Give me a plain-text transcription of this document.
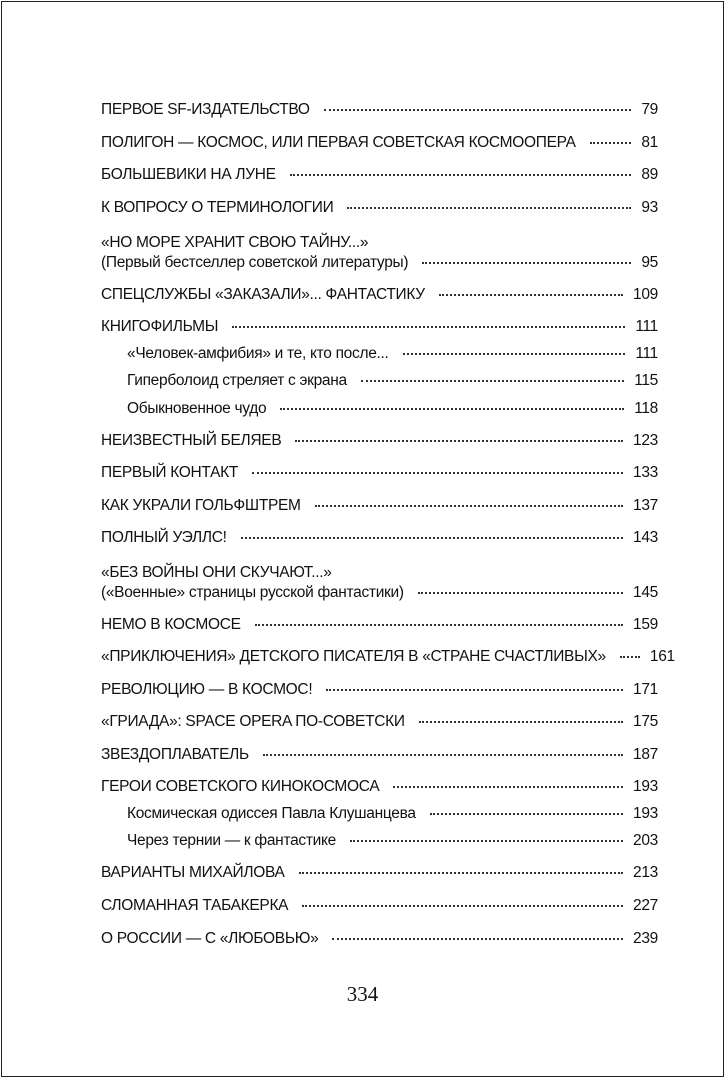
ПЕРВОЕ SF-ИЗДАТЕЛЬСТВО	79
ПОЛИГОН — КОСМОС, ИЛИ ПЕРВАЯ СОВЕТСКАЯ КОСМООПЕРА	81
БОЛЬШЕВИКИ НА ЛУНЕ	89
К ВОПРОСУ О ТЕРМИНОЛОГИИ	93
«НО МОРЕ ХРАНИТ СВОЮ ТАЙНУ...»
(Первый бестселлер советской литературы)	95
СПЕЦСЛУЖБЫ «ЗАКАЗАЛИ»... ФАНТАСТИКУ	109
КНИГОФИЛЬМЫ	111
«Человек-амфибия» и те, кто после...	111
Гиперболоид стреляет с экрана	115
Обыкновенное чудо	118
НЕИЗВЕСТНЫЙ БЕЛЯЕВ	123
ПЕРВЫЙ КОНТАКТ	133
КАК УКРАЛИ ГОЛЬФШТРЕМ	137
ПОЛНЫЙ УЭЛЛС!	143
«БЕЗ ВОЙНЫ ОНИ СКУЧАЮТ...»
(«Военные» страницы русской фантастики)	145
НЕМО В КОСМОСЕ	159
«ПРИКЛЮЧЕНИЯ» ДЕТСКОГО ПИСАТЕЛЯ В «СТРАНЕ СЧАСТЛИВЫХ»	161
РЕВОЛЮЦИЮ — В КОСМОС!	171
«ГРИАДА»: SPACE OPERA ПО-СОВЕТСКИ	175
ЗВЕЗДОПЛАВАТЕЛЬ	187
ГЕРОИ СОВЕТСКОГО КИНОКОСМОСА	193
Космическая одиссея Павла Клушанцева	193
Через тернии — к фантастике	203
ВАРИАНТЫ МИХАЙЛОВА	213
СЛОМАННАЯ ТАБАКЕРКА	227
О РОССИИ — С «ЛЮБОВЬЮ»	239
334
